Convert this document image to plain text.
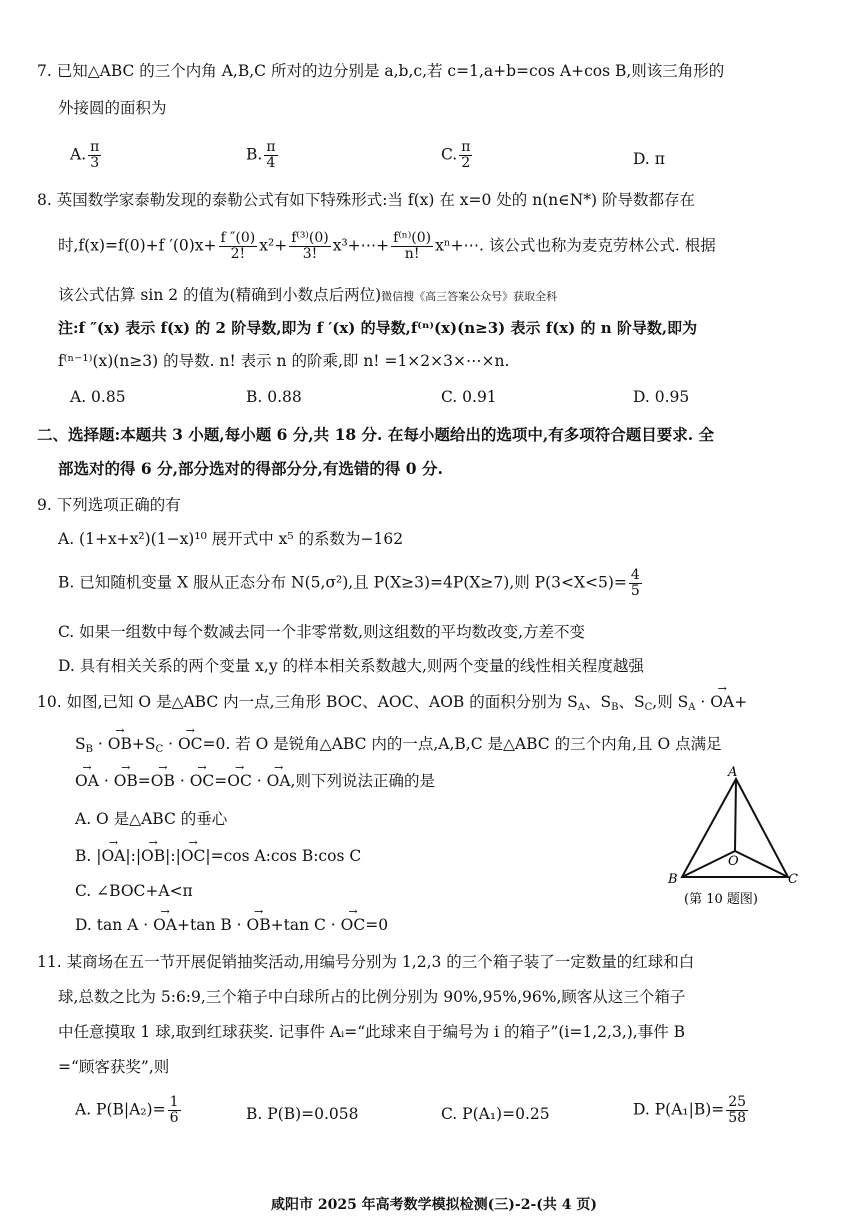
7. 已知△ABC 的三个内角 A,B,C 所对的边分别是 a,b,c,若 c=1,a+b=cos A+cos B,则该三角形的
外接圆的面积为
A. $\frac{\pi}{3}$	B. $\frac{\pi}{4}$	C. $\frac{\pi}{2}$	D. π
8. 英国数学家泰勒发现的泰勒公式有如下特殊形式:当 f(x) 在 x=0 处的 n(n∈N*) 阶导数都存在
时,f(x)=f(0)+f $'(0)x+ \frac{f ''(0)}{2!} x^2+ \frac{\text{f⁽³⁾(0)}}{3!}$ x³+⋯+ $\frac{\text{f⁽ⁿ⁾(0)}}{n!}$ xⁿ+⋯. 该公式也称为麦克劳林公式. 根据
该公式估算 sin 2 的值为(精确到小数点后两位)微信搜《高三答案公众号》获取全科
注:f ″(x) 表示 f(x) 的 2 阶导数,即为 f ′(x) 的导数,f⁽ⁿ⁾(x)(n≥3) 表示 f(x) 的 n 阶导数,即为
f⁽ⁿ⁻¹⁾(x)(n≥3) 的导数. n! 表示 n 的阶乘,即 n! =1×2×3×⋯×n.
A. 0.85	B. 0.88	C. 0.91	D. 0.95
二、选择题:本题共 3 小题,每小题 6 分,共 18 分. 在每小题给出的选项中,有多项符合题目要求. 全
部选对的得 6 分,部分选对的得部分分,有选错的得 0 分.
9. 下列选项正确的有
A. (1+x+x²)(1−x)¹⁰ 展开式中 x⁵ 的系数为−162
B. 已知随机变量 X 服从正态分布 N(5,σ²),且 P(X≥3)=4P(X≥7),则 $P(3<X<5)= \frac{4}{5}$
C. 如果一组数中每个数减去同一个非零常数,则这组数的平均数改变,方差不变
D. 具有相关关系的两个变量 x,y 的样本相关系数越大,则两个变量的线性相关程度越强
10. 如图,已知 O 是△ABC 内一点,三角形 BOC、AOC、AOB 的面积分别为 $S_A$、$S_B$、$S_C$,则 $S_A$ · → OA+
$S_B$ · → $OB+S_C$ · → OC=0. 若 O 是锐角△ABC 内的一点,A,B,C 是△ABC 的三个内角,且 O 点满足
→ OA · → OB=→ OB · → OC=→ OC · → OA,则下列说法正确的是
A. O 是△ABC 的垂心
B. |→ OA|:|→ OB|:|→ OC|=cos A:cos B:cos C
C. ∠BOC+A<π
D. tan A · → OA+tan B · → OB+tan C · → OC=0
A
B	C
O
(第 10 题图)
11. 某商场在五一节开展促销抽奖活动,用编号分别为 1,2,3 的三个箱子装了一定数量的红球和白
球,总数之比为 5:6:9,三个箱子中白球所占的比例分别为 90%,95%,96%,顾客从这三个箱子
中任意摸取 1 球,取到红球获奖. 记事件 Aᵢ=“此球来自于编号为 i 的箱子”(i=1,2,3,),事件 B
=“顾客获奖”,则
A. $P(B|A_2)= \frac{1}{6}$	B. P(B)=0.058	C. P(A₁)=0.25	D. $P(A_1|B)= \frac{25}{58}$
咸阳市 2025 年高考数学模拟检测(三)-2-(共 4 页)
